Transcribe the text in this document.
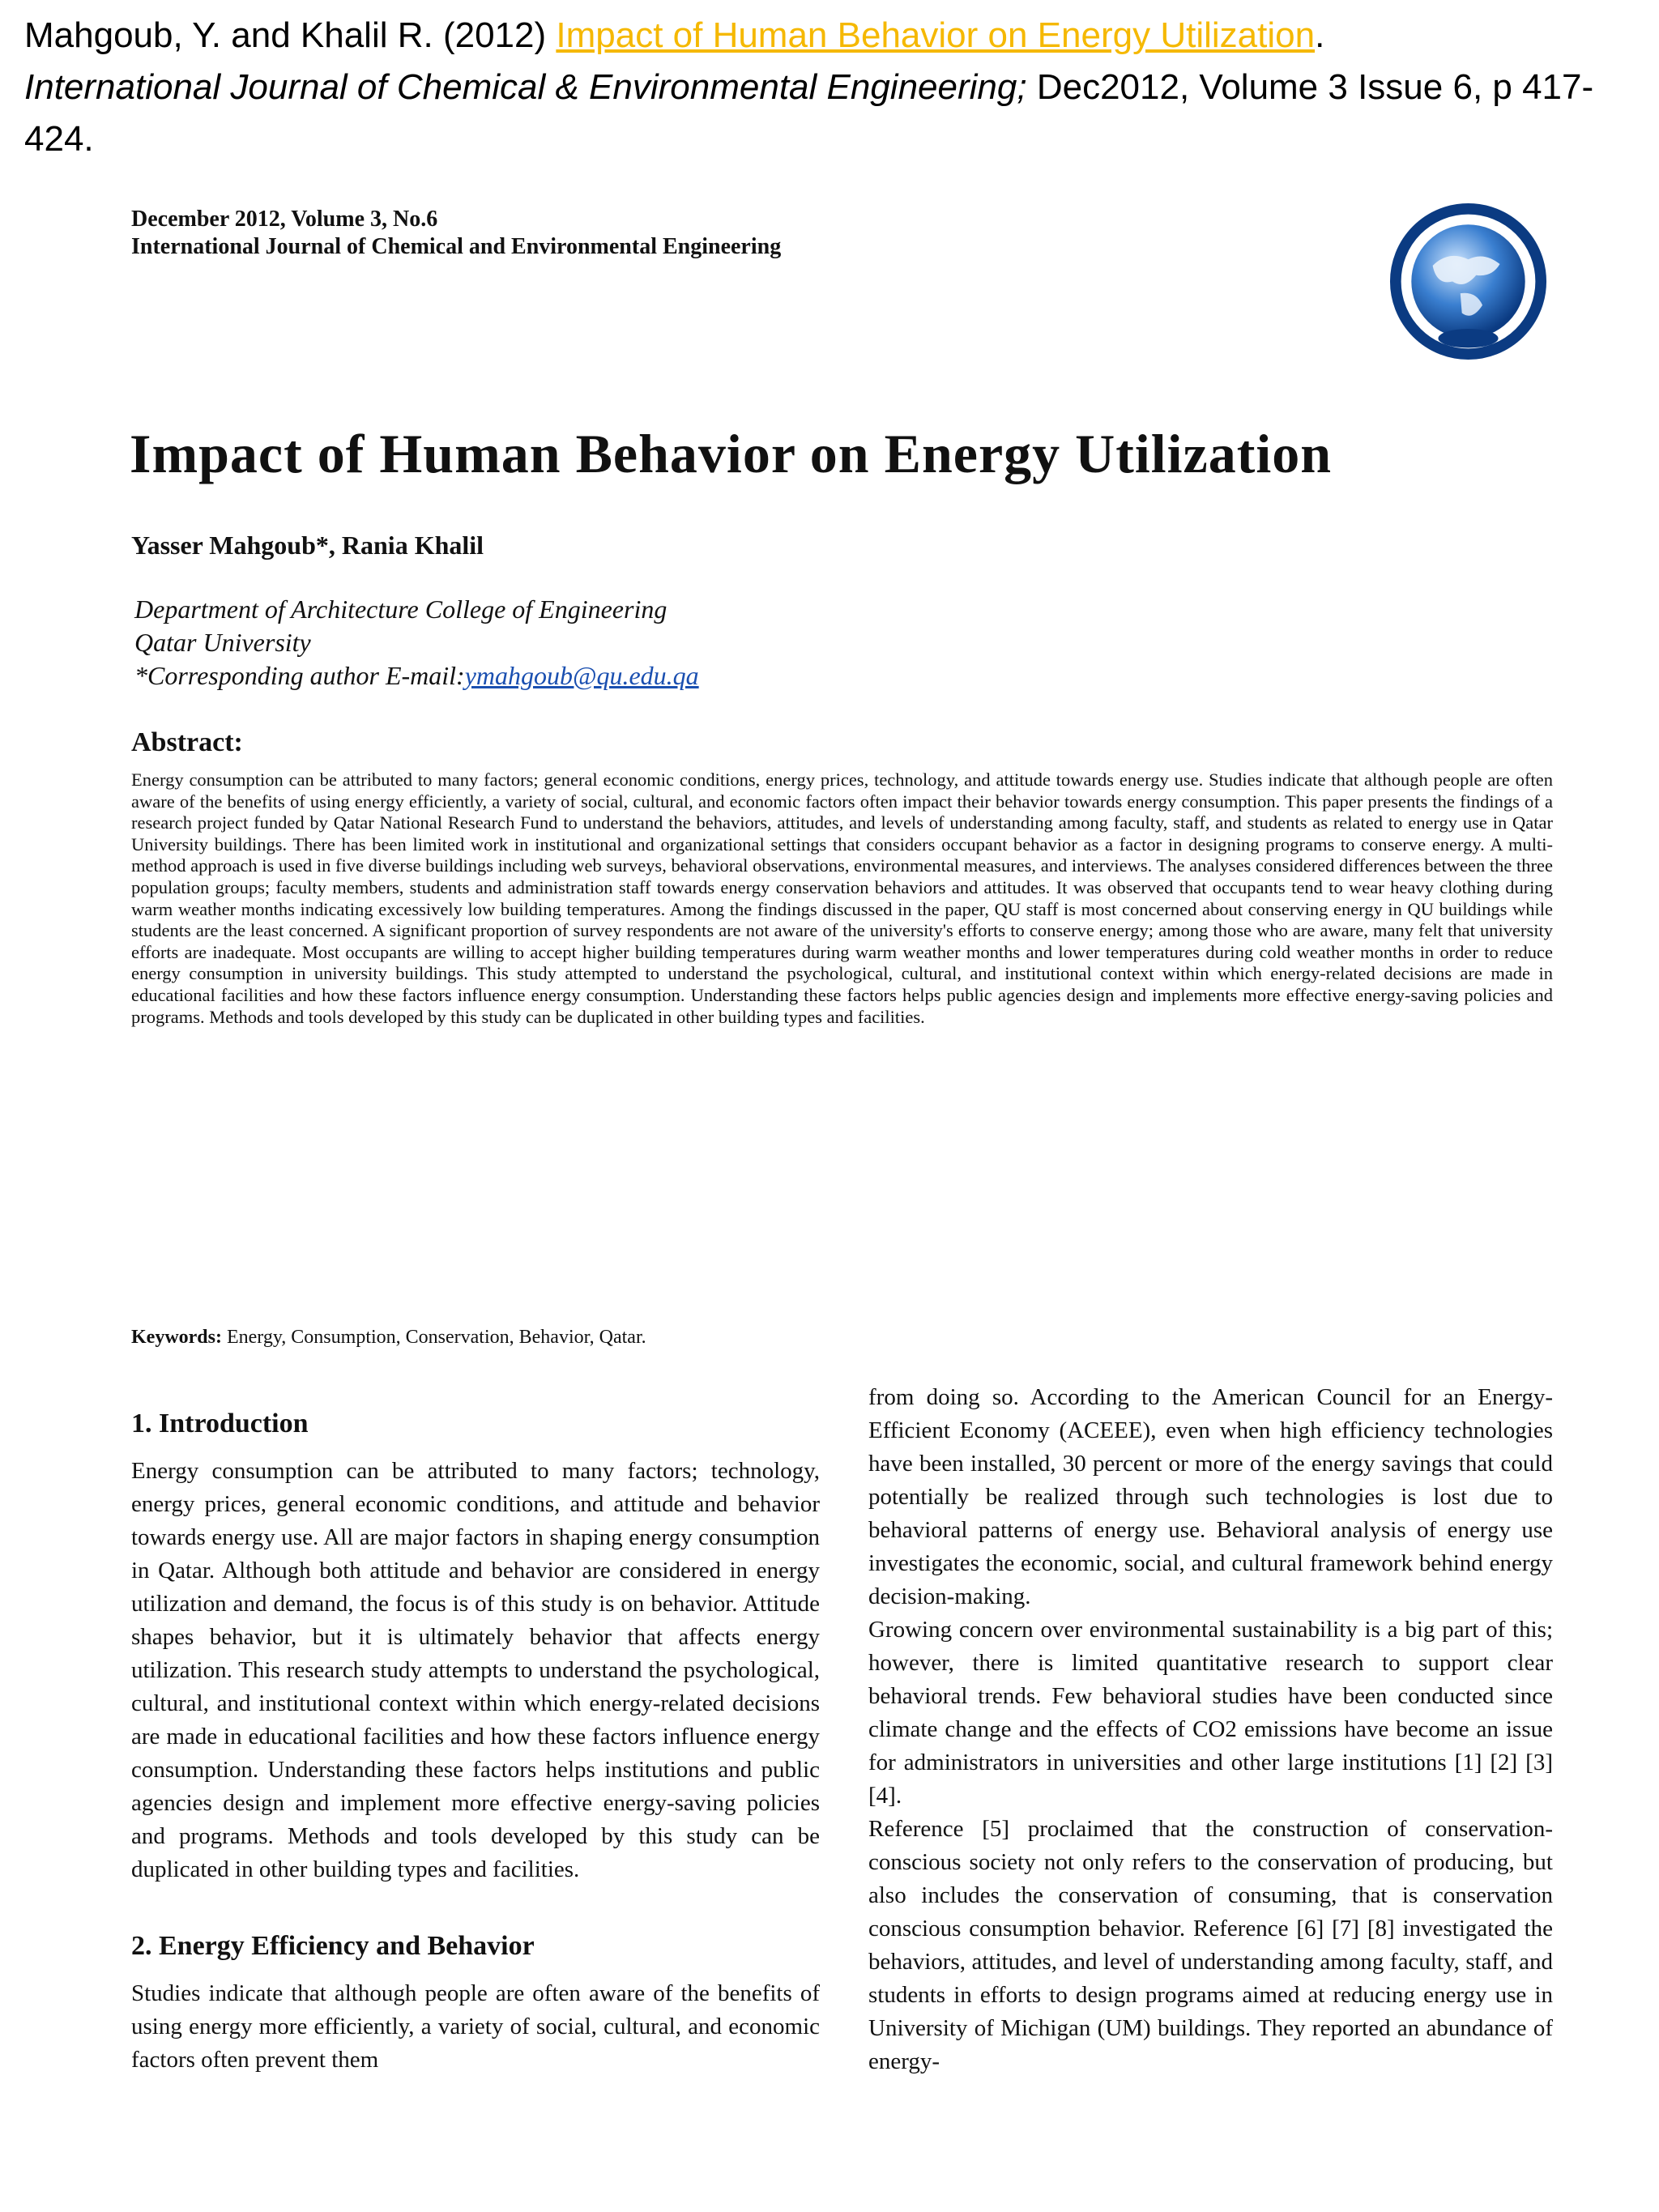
Mahgoub, Y. and Khalil R. (2012) Impact of Human Behavior on Energy Utilization.
International Journal of Chemical & Environmental Engineering; Dec2012, Volume 3 Issue 6, p 417-424.
December 2012, Volume 3, No.6
International Journal of Chemical and Environmental Engineering
Impact of Human Behavior on Energy Utilization
Yasser Mahgoub*, Rania Khalil
Department of Architecture College of Engineering
Qatar University
*Corresponding author E-mail:ymahgoub@qu.edu.qa
Abstract:
Energy consumption can be attributed to many factors; general economic conditions, energy prices, technology, and attitude towards energy use. Studies indicate that although people are often aware of the benefits of using energy efficiently, a variety of social, cultural, and economic factors often impact their behavior towards energy consumption. This paper presents the findings of a research project funded by Qatar National Research Fund to understand the behaviors, attitudes, and levels of understanding among faculty, staff, and students as related to energy use in Qatar University buildings. There has been limited work in institutional and organizational settings that considers occupant behavior as a factor in designing programs to conserve energy. A multi-method approach is used in five diverse buildings including web surveys, behavioral observations, environmental measures, and interviews. The analyses considered differences between the three population groups; faculty members, students and administration staff towards energy conservation behaviors and attitudes. It was observed that occupants tend to wear heavy clothing during warm weather months indicating excessively low building temperatures. Among the findings discussed in the paper, QU staff is most concerned about conserving energy in QU buildings while students are the least concerned. A significant proportion of survey respondents are not aware of the university's efforts to conserve energy; among those who are aware, many felt that university efforts are inadequate. Most occupants are willing to accept higher building temperatures during warm weather months and lower temperatures during cold weather months in order to reduce energy consumption in university buildings. This study attempted to understand the psychological, cultural, and institutional context within which energy-related decisions are made in educational facilities and how these factors influence energy consumption. Understanding these factors helps public agencies design and implements more effective energy-saving policies and programs. Methods and tools developed by this study can be duplicated in other building types and facilities.
Keywords: Energy, Consumption, Conservation, Behavior, Qatar.
1. Introduction

Energy consumption can be attributed to many factors; technology, energy prices, general economic conditions, and attitude and behavior towards energy use. All are major factors in shaping energy consumption in Qatar. Although both attitude and behavior are considered in energy utilization and demand, the focus is of this study is on behavior. Attitude shapes behavior, but it is ultimately behavior that affects energy utilization. This research study attempts to understand the psychological, cultural, and institutional context within which energy-related decisions are made in educational facilities and how these factors influence energy consumption. Understanding these factors helps institutions and public agencies design and implement more effective energy-saving policies and programs. Methods and tools developed by this study can be duplicated in other building types and facilities.

2. Energy Efficiency and Behavior

Studies indicate that although people are often aware of the benefits of using energy more efficiently, a variety of social, cultural, and economic factors often prevent them

from doing so. According to the American Council for an Energy-Efficient Economy (ACEEE), even when high efficiency technologies have been installed, 30 percent or more of the energy savings that could potentially be realized through such technologies is lost due to behavioral patterns of energy use. Behavioral analysis of energy use investigates the economic, social, and cultural framework behind energy decision-making.

Growing concern over environmental sustainability is a big part of this; however, there is limited quantitative research to support clear behavioral trends. Few behavioral studies have been conducted since climate change and the effects of CO2 emissions have become an issue for administrators in universities and other large institutions [1] [2] [3] [4].

Reference [5] proclaimed that the construction of conservation-conscious society not only refers to the conservation of producing, but also includes the conservation of consuming, that is conservation conscious consumption behavior. Reference [6] [7] [8] investigated the behaviors, attitudes, and level of understanding among faculty, staff, and students in efforts to design programs aimed at reducing energy use in University of Michigan (UM) buildings. They reported an abundance of energy-
